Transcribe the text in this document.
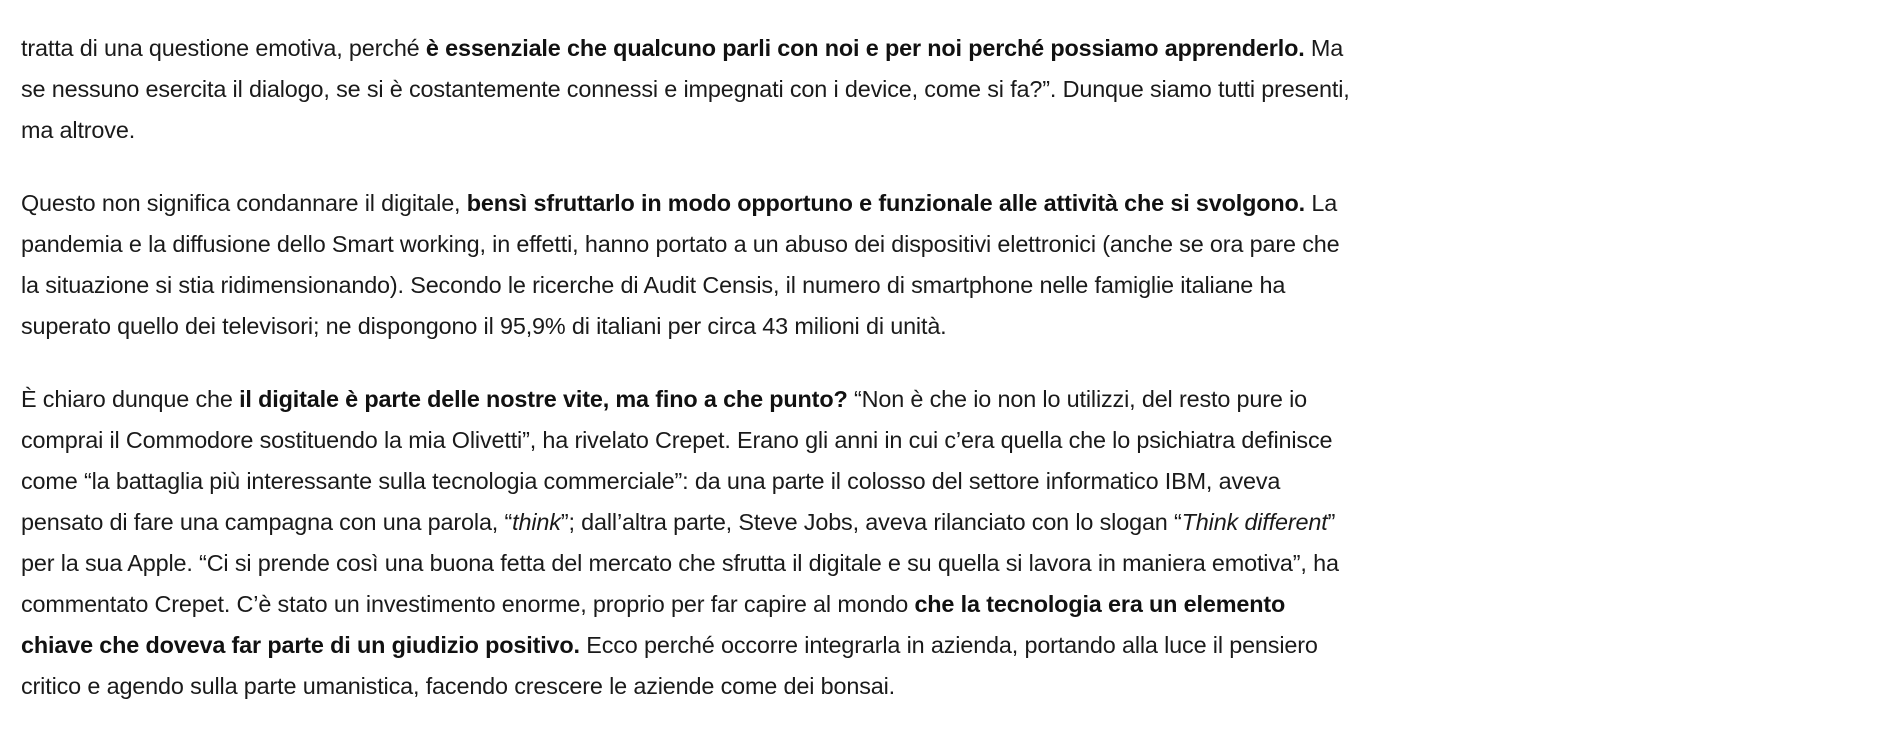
tratta di una questione emotiva, perché è essenziale che qualcuno parli con noi e per noi perché possiamo apprenderlo. Ma se nessuno esercita il dialogo, se si è costantemente connessi e impegnati con i device, come si fa?”. Dunque siamo tutti presenti, ma altrove.

Questo non significa condannare il digitale, bensì sfruttarlo in modo opportuno e funzionale alle attività che si svolgono. La pandemia e la diffusione dello Smart working, in effetti, hanno portato a un abuso dei dispositivi elettronici (anche se ora pare che la situazione si stia ridimensionando). Secondo le ricerche di Audit Censis, il numero di smartphone nelle famiglie italiane ha superato quello dei televisori; ne dispongono il 95,9% di italiani per circa 43 milioni di unità.

È chiaro dunque che il digitale è parte delle nostre vite, ma fino a che punto? “Non è che io non lo utilizzi, del resto pure io comprai il Commodore sostituendo la mia Olivetti”, ha rivelato Crepet. Erano gli anni in cui c’era quella che lo psichiatra definisce come “la battaglia più interessante sulla tecnologia commerciale”: da una parte il colosso del settore informatico IBM, aveva pensato di fare una campagna con una parola, “think”; dall’altra parte, Steve Jobs, aveva rilanciato con lo slogan “Think different” per la sua Apple. “Ci si prende così una buona fetta del mercato che sfrutta il digitale e su quella si lavora in maniera emotiva”, ha commentato Crepet. C’è stato un investimento enorme, proprio per far capire al mondo che la tecnologia era un elemento chiave che doveva far parte di un giudizio positivo. Ecco perché occorre integrarla in azienda, portando alla luce il pensiero critico e agendo sulla parte umanistica, facendo crescere le aziende come dei bonsai.
